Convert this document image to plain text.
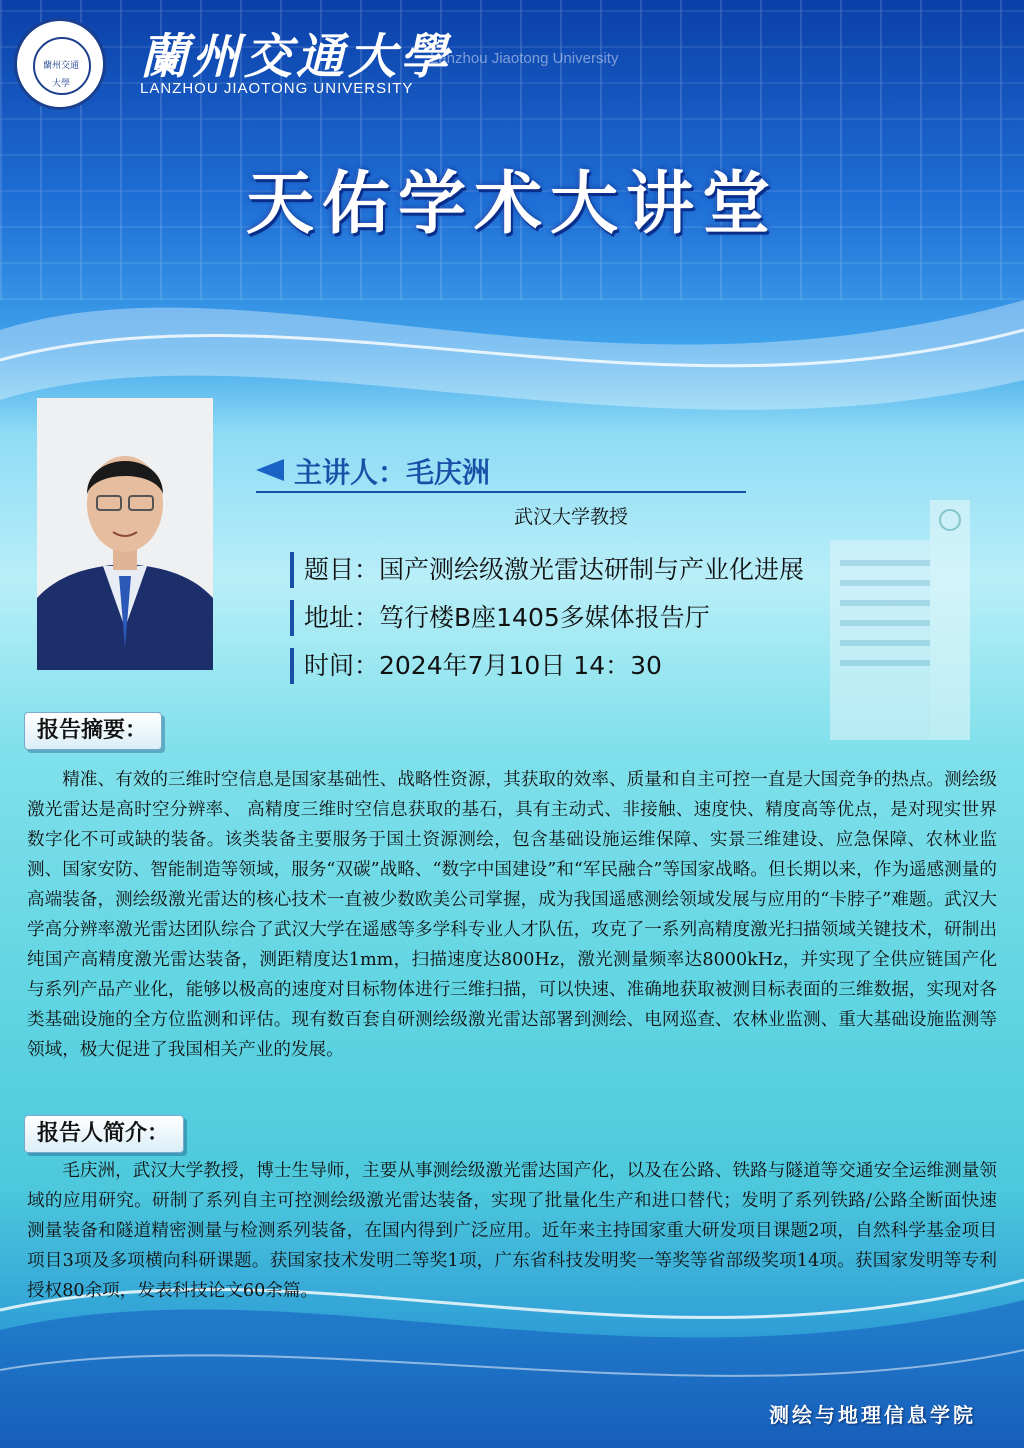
蘭州交通大學 蘭州交通大學
LANZHOU JIAOTONG UNIVERSITY
Lanzhou Jiaotong University
天佑学术大讲堂
主讲人：毛庆洲
武汉大学教授
题目：国产测绘级激光雷达研制与产业化进展
地址：笃行楼B座1405多媒体报告厅
时间：2024年7月10日 14：30
报告摘要：
精准、有效的三维时空信息是国家基础性、战略性资源，其获取的效率、质量和自主可控一直是大国竞争的热点。测绘级激光雷达是高时空分辨率、 高精度三维时空信息获取的基石，具有主动式、非接触、速度快、精度高等优点，是对现实世界数字化不可或缺的装备。该类装备主要服务于国土资源测绘，包含基础设施运维保障、实景三维建设、应急保障、农林业监测、国家安防、智能制造等领域，服务“双碳”战略、“数字中国建设”和“军民融合”等国家战略。但长期以来，作为遥感测量的高端装备，测绘级激光雷达的核心技术一直被少数欧美公司掌握，成为我国遥感测绘领域发展与应用的“卡脖子”难题。武汉大学高分辨率激光雷达团队综合了武汉大学在遥感等多学科专业人才队伍，攻克了一系列高精度激光扫描领域关键技术，研制出纯国产高精度激光雷达装备，测距精度达1mm，扫描速度达800Hz，激光测量频率达8000kHz，并实现了全供应链国产化与系列产品产业化，能够以极高的速度对目标物体进行三维扫描，可以快速、准确地获取被测目标表面的三维数据，实现对各类基础设施的全方位监测和评估。现有数百套自研测绘级激光雷达部署到测绘、电网巡查、农林业监测、重大基础设施监测等领域，极大促进了我国相关产业的发展。
报告人简介：
毛庆洲，武汉大学教授，博士生导师，主要从事测绘级激光雷达国产化，以及在公路、铁路与隧道等交通安全运维测量领域的应用研究。研制了系列自主可控测绘级激光雷达装备，实现了批量化生产和进口替代；发明了系列铁路/公路全断面快速测量装备和隧道精密测量与检测系列装备，在国内得到广泛应用。近年来主持国家重大研发项目课题2项，自然科学基金项目项目3项及多项横向科研课题。获国家技术发明二等奖1项，广东省科技发明奖一等奖等省部级奖项14项。获国家发明等专利授权80余项，发表科技论文60余篇。
测绘与地理信息学院
